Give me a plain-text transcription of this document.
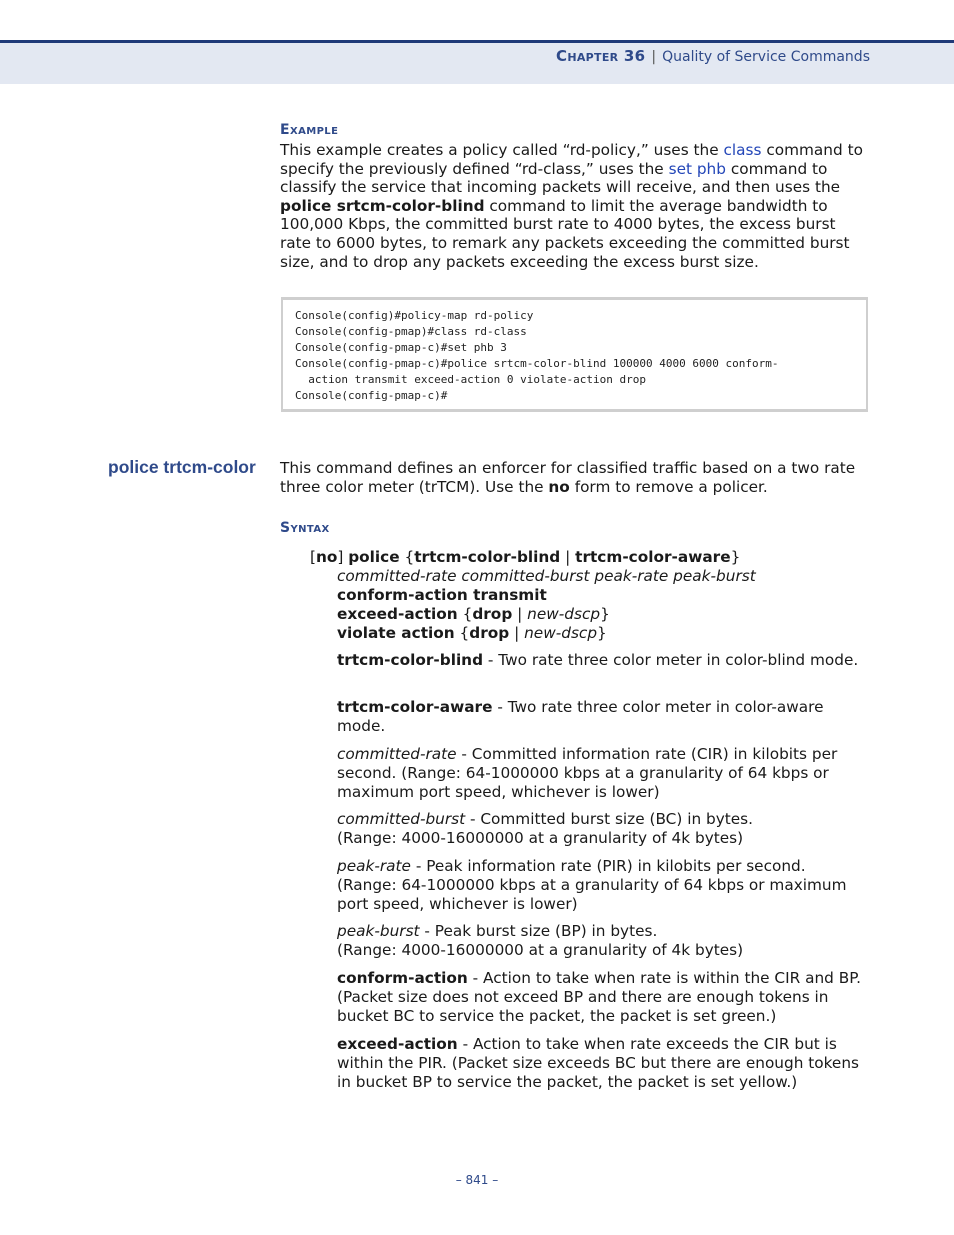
Chapter 36 | Quality of Service Commands
Example

This example creates a policy called “rd-policy,” uses the class command to specify the previously defined “rd-class,” uses the set phb command to classify the service that incoming packets will receive, and then uses the police srtcm-color-blind command to limit the average bandwidth to 100,000 Kbps, the committed burst rate to 4000 bytes, the excess burst rate to 6000 bytes, to remark any packets exceeding the committed burst size, and to drop any packets exceeding the excess burst size.

Console(config)#policy-map rd-policy
Console(config-pmap)#class rd-class
Console(config-pmap-c)#set phb 3
Console(config-pmap-c)#police srtcm-color-blind 100000 4000 6000 conform-
action transmit exceed-action 0 violate-action drop
Console(config-pmap-c)#
police trtcm-color This command defines an enforcer for classified traffic based on a two rate three color meter (trTCM). Use the no form to remove a policer.

Syntax
[no] police {trtcm-color-blind | trtcm-color-aware}
committed-rate committed-burst peak-rate peak-burst
conform-action transmit
exceed-action {drop | new-dscp}
violate action {drop | new-dscp}

trtcm-color-blind - Two rate three color meter in color-blind mode.

trtcm-color-aware - Two rate three color meter in color-aware mode.

committed-rate - Committed information rate (CIR) in kilobits per second. (Range: 64-1000000 kbps at a granularity of 64 kbps or maximum port speed, whichever is lower)

committed-burst - Committed burst size (BC) in bytes.
(Range: 4000-16000000 at a granularity of 4k bytes)

peak-rate - Peak information rate (PIR) in kilobits per second.
(Range: 64-1000000 kbps at a granularity of 64 kbps or maximum port speed, whichever is lower)

peak-burst - Peak burst size (BP) in bytes.
(Range: 4000-16000000 at a granularity of 4k bytes)

conform-action - Action to take when rate is within the CIR and BP. (Packet size does not exceed BP and there are enough tokens in bucket BC to service the packet, the packet is set green.)

exceed-action - Action to take when rate exceeds the CIR but is within the PIR. (Packet size exceeds BC but there are enough tokens in bucket BP to service the packet, the packet is set yellow.)

– 841 –
